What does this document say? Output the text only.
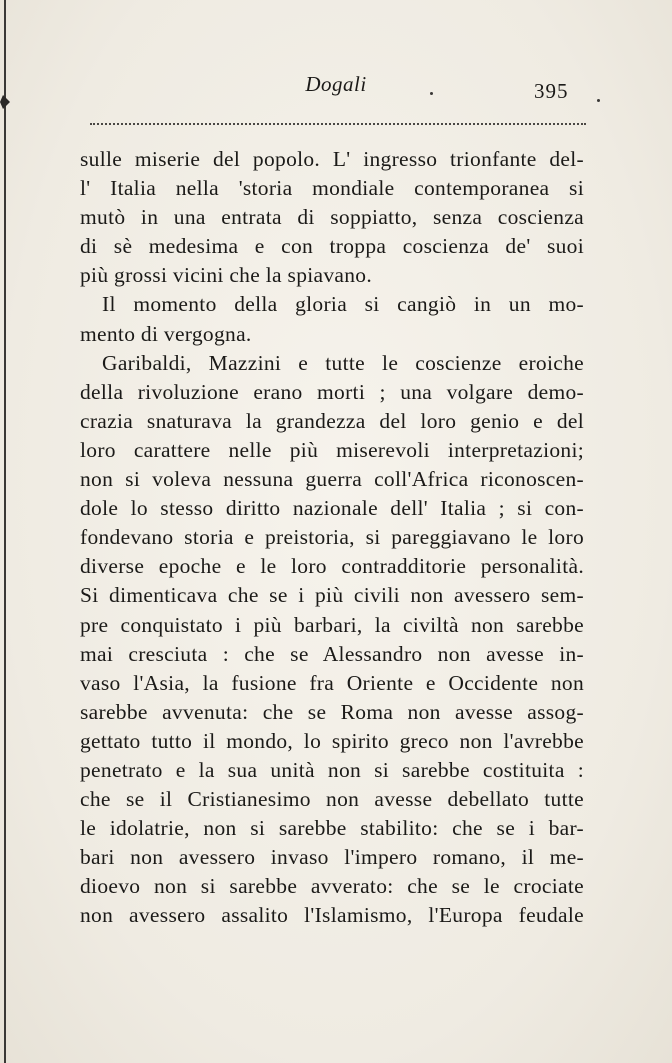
Dogali	395
sulle miserie del popolo. L' ingresso trionfante del-
l' Italia nella 'storia mondiale contemporanea si
mutò in una entrata di soppiatto, senza coscienza
di sè medesima e con troppa coscienza de' suoi
più grossi vicini che la spiavano.
Il momento della gloria si cangiò in un mo-
mento di vergogna.
Garibaldi, Mazzini e tutte le coscienze eroiche
della rivoluzione erano morti ; una volgare demo-
crazia snaturava la grandezza del loro genio e del
loro carattere nelle più miserevoli interpretazioni;
non si voleva nessuna guerra coll'Africa riconoscen-
dole lo stesso diritto nazionale dell' Italia ; si con-
fondevano storia e preistoria, si pareggiavano le loro
diverse epoche e le loro contradditorie personalità.
Si dimenticava che se i più civili non avessero sem-
pre conquistato i più barbari, la civiltà non sarebbe
mai cresciuta : che se Alessandro non avesse in-
vaso l'Asia, la fusione fra Oriente e Occidente non
sarebbe avvenuta: che se Roma non avesse assog-
gettato tutto il mondo, lo spirito greco non l'avrebbe
penetrato e la sua unità non si sarebbe costituita :
che se il Cristianesimo non avesse debellato tutte
le idolatrie, non si sarebbe stabilito: che se i bar-
bari non avessero invaso l'impero romano, il me-
dioevo non si sarebbe avverato: che se le crociate
non avessero assalito l'Islamismo, l'Europa feudale
